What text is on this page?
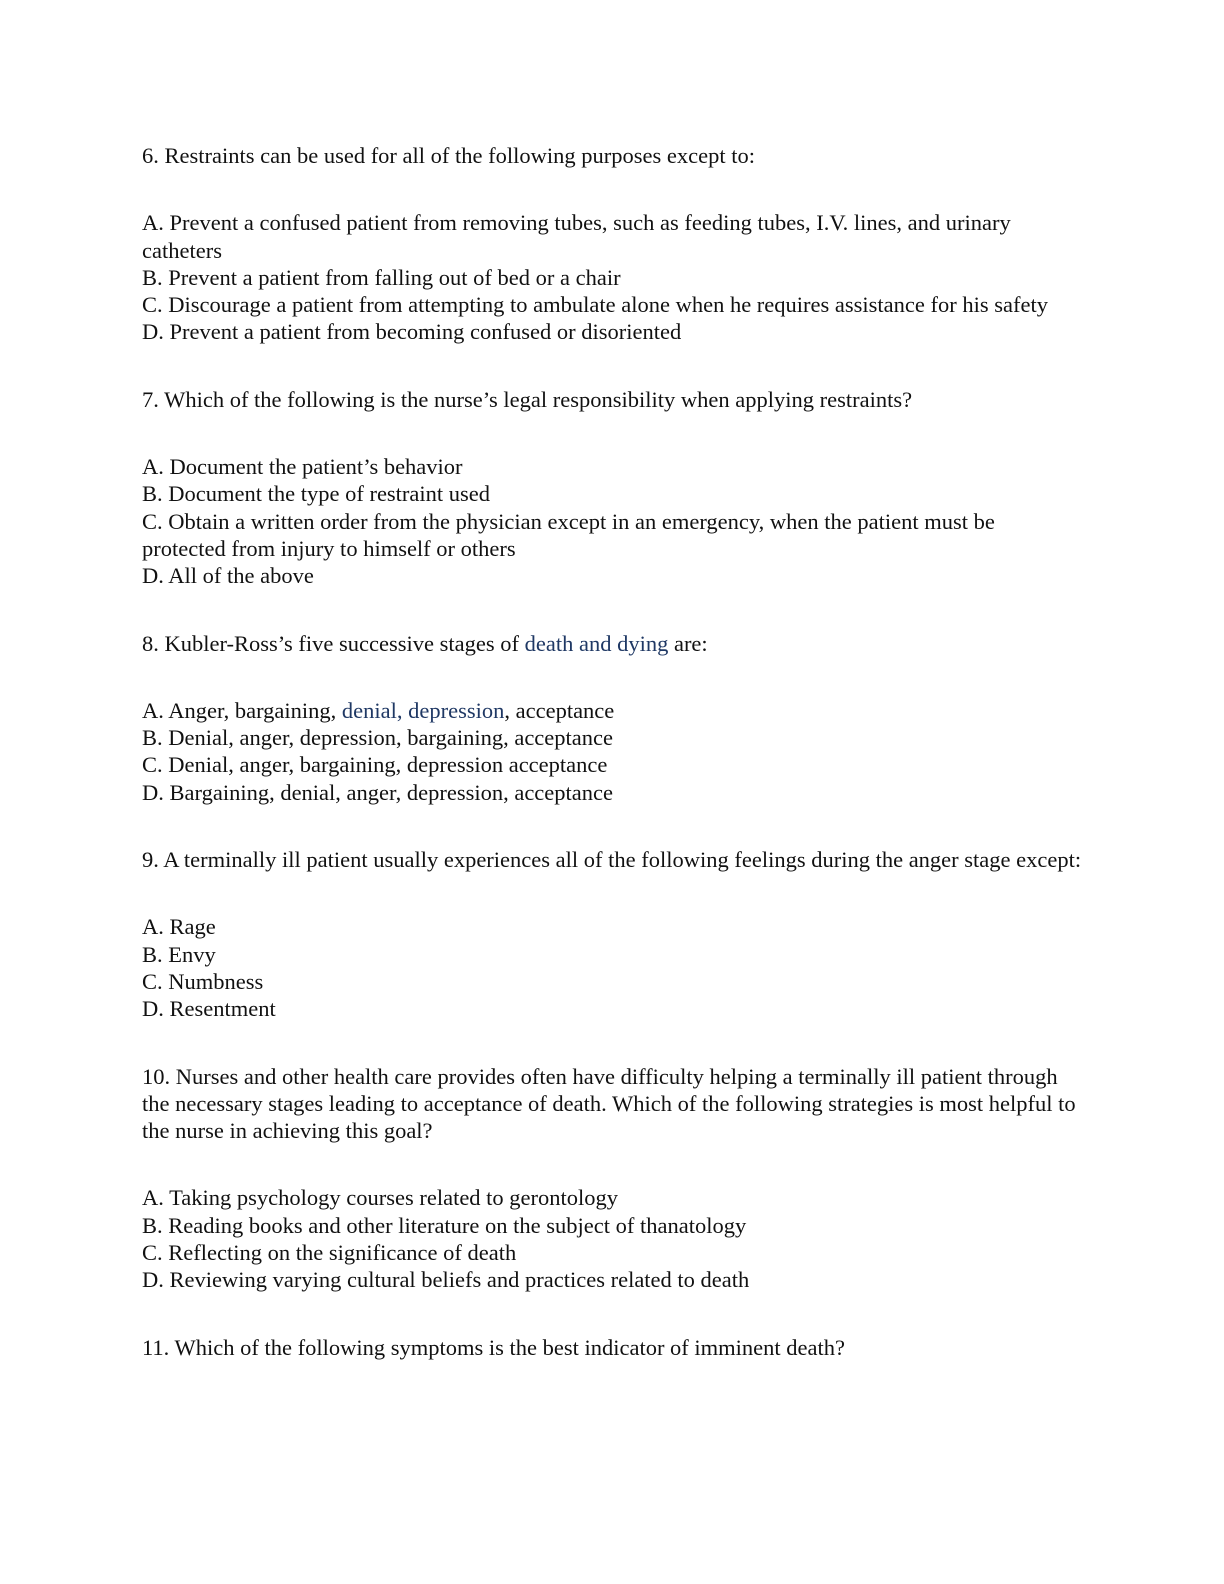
6. Restraints can be used for all of the following purposes except to:

A. Prevent a confused patient from removing tubes, such as feeding tubes, I.V. lines, and urinary catheters

B. Prevent a patient from falling out of bed or a chair

C. Discourage a patient from attempting to ambulate alone when he requires assistance for his safety

D. Prevent a patient from becoming confused or disoriented

7. Which of the following is the nurse’s legal responsibility when applying restraints?

A. Document the patient’s behavior

B. Document the type of restraint used

C. Obtain a written order from the physician except in an emergency, when the patient must be protected from injury to himself or others

D. All of the above

8. Kubler-Ross’s five successive stages of death and dying are:

A. Anger, bargaining, denial, depression, acceptance

B. Denial, anger, depression, bargaining, acceptance

C. Denial, anger, bargaining, depression acceptance

D. Bargaining, denial, anger, depression, acceptance

9. A terminally ill patient usually experiences all of the following feelings during the anger stage except:

A. Rage

B. Envy

C. Numbness

D. Resentment

10. Nurses and other health care provides often have difficulty helping a terminally ill patient through the necessary stages leading to acceptance of death. Which of the following strategies is most helpful to the nurse in achieving this goal?

A. Taking psychology courses related to gerontology

B. Reading books and other literature on the subject of thanatology

C. Reflecting on the significance of death

D. Reviewing varying cultural beliefs and practices related to death

11. Which of the following symptoms is the best indicator of imminent death?
